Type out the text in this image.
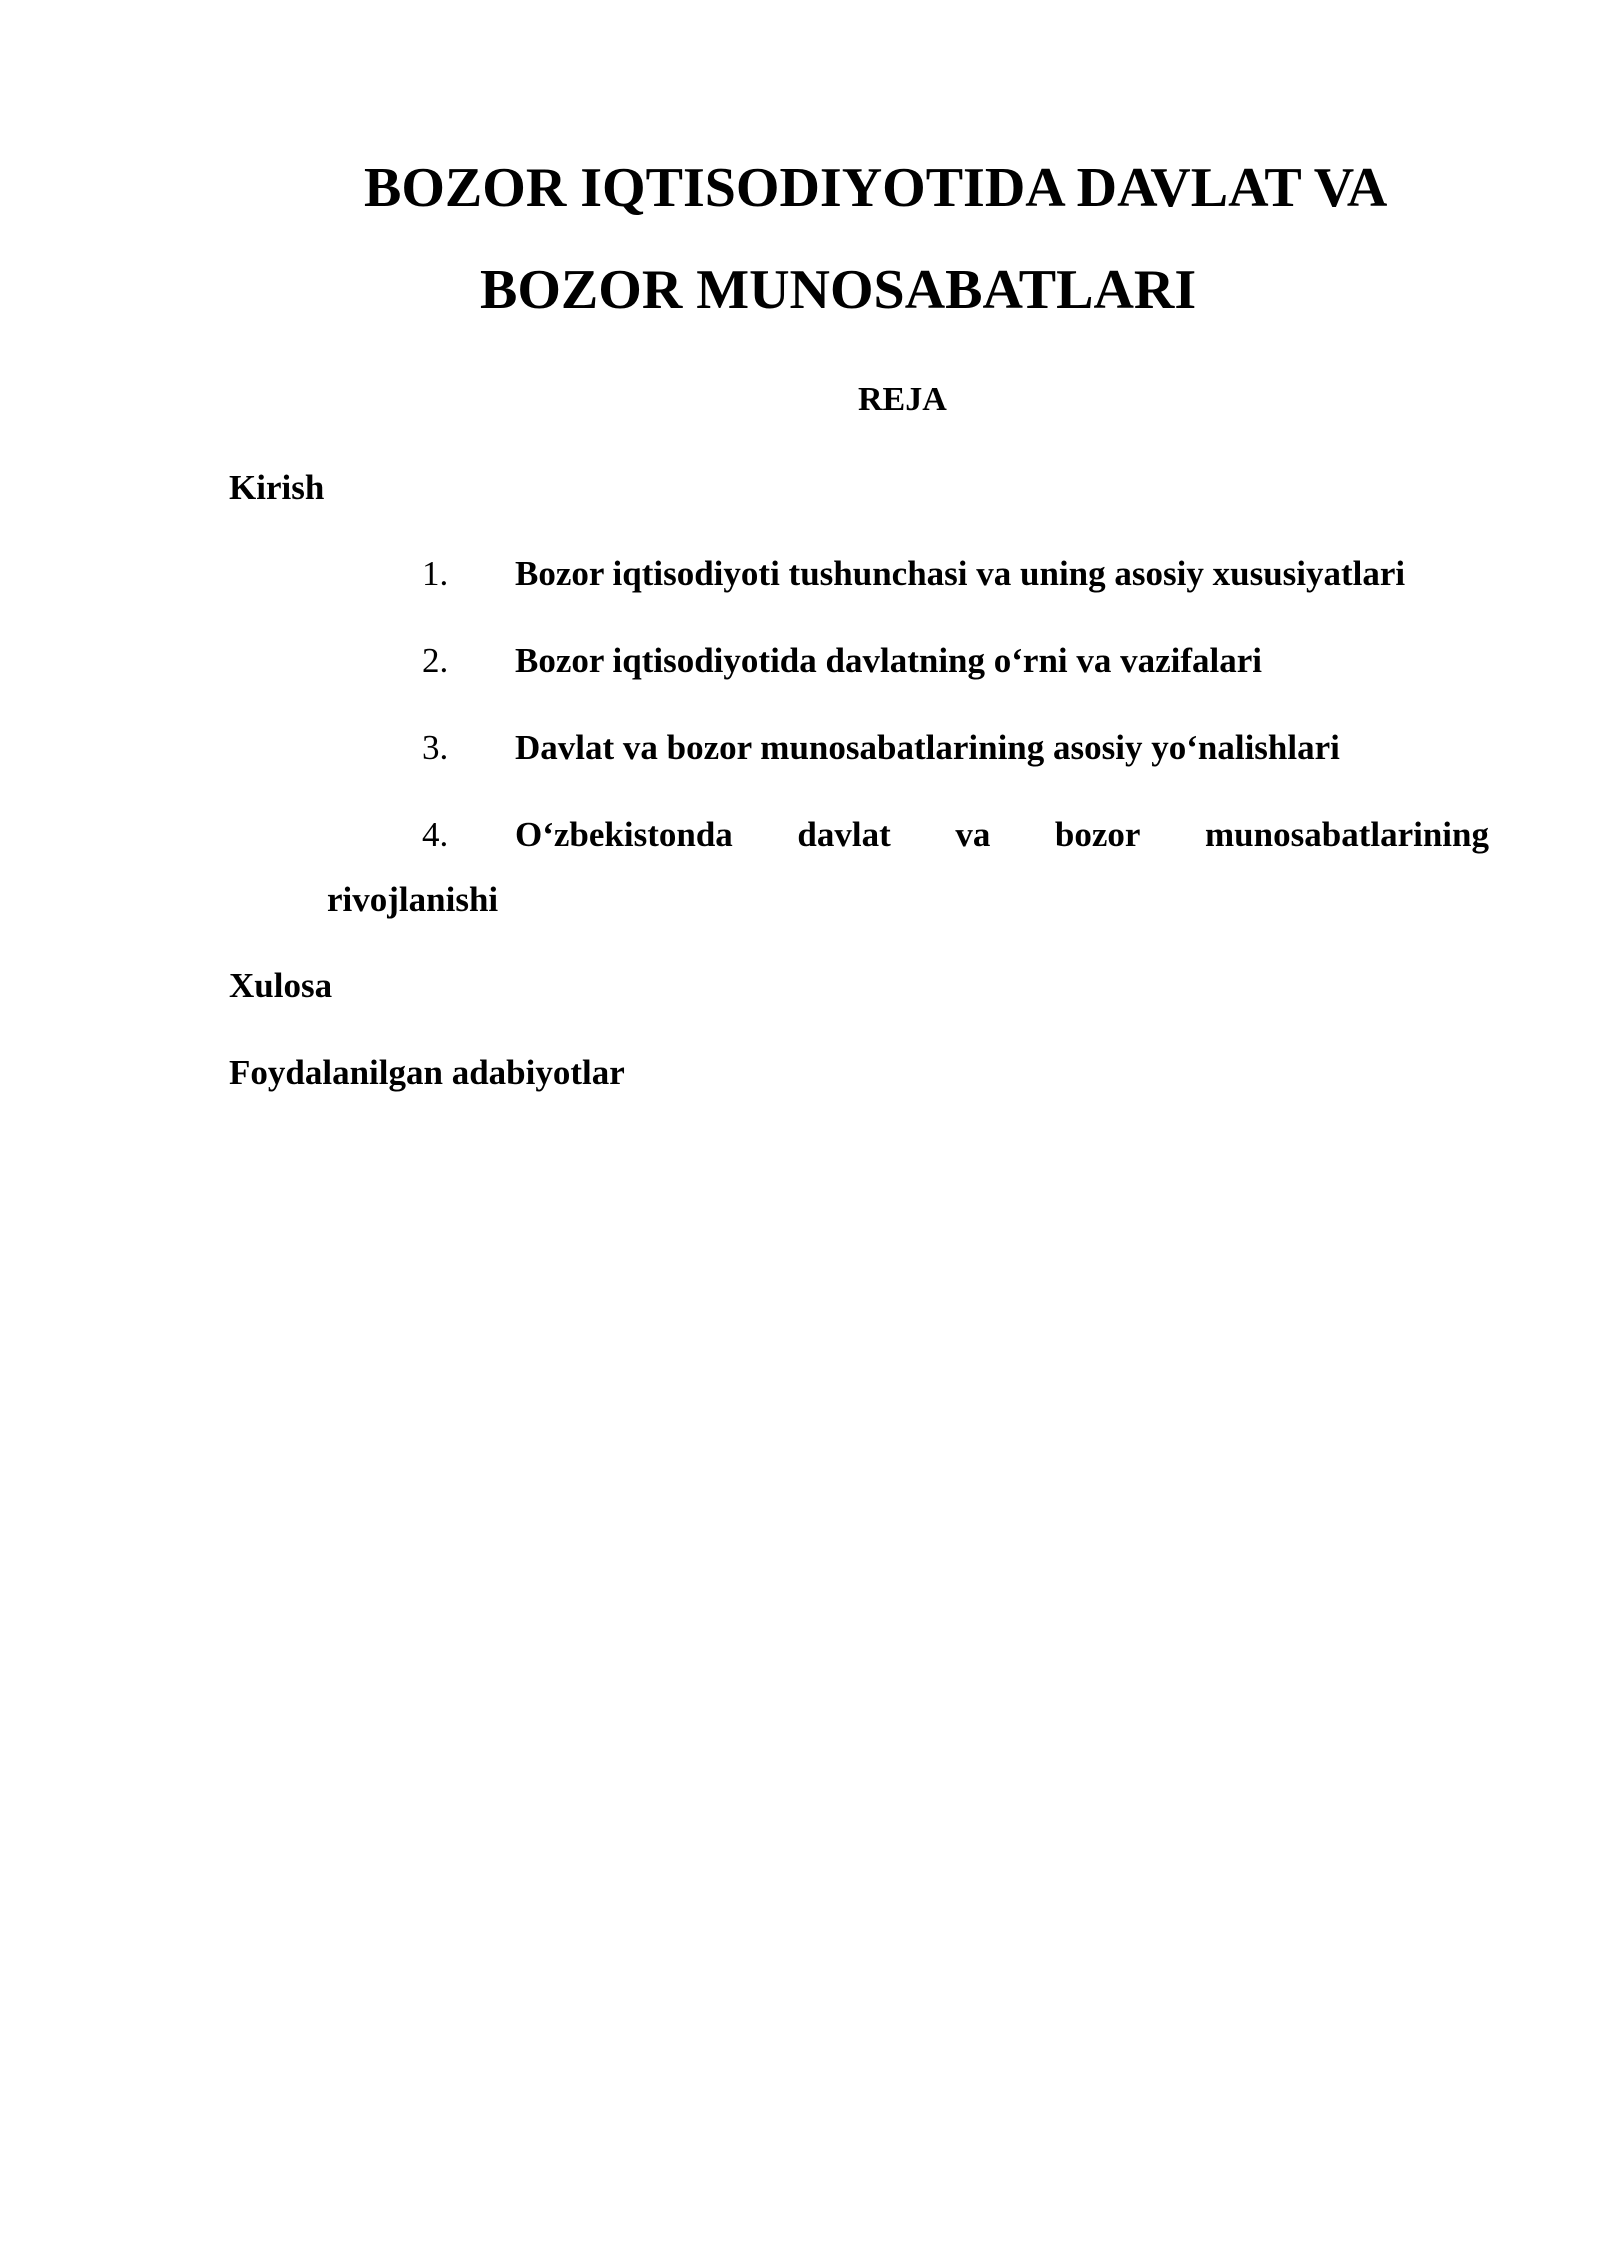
BOZOR IQTISODIYOTIDA DAVLAT VA
BOZOR MUNOSABATLARI
REJA

Kirish

1. Bozor iqtisodiyoti tushunchasi va uning asosiy xususiyatlari
2. Bozor iqtisodiyotida davlatning o‘rni va vazifalari
3. Davlat va bozor munosabatlarining asosiy yo‘nalishlari
4. O‘zbekistonda davlat va bozor munosabatlarining
rivojlanishi

Xulosa

Foydalanilgan adabiyotlar
